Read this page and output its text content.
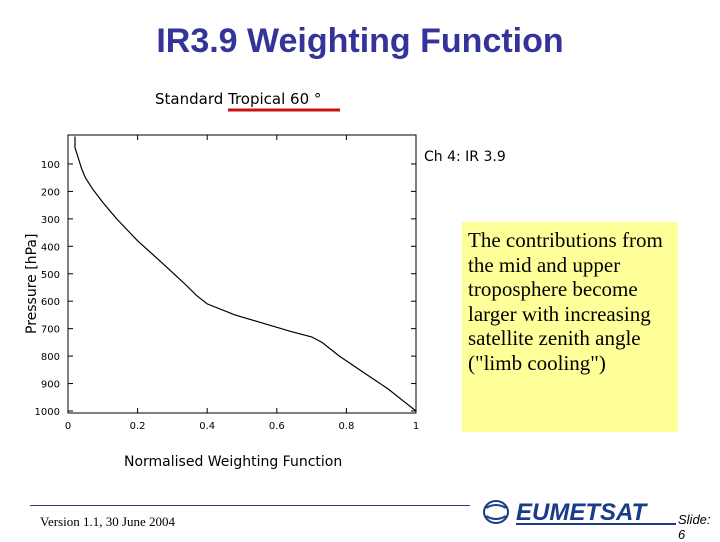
IR3.9 Weighting Function
Standard Tropical 60 °
Ch 4: IR 3.9
100
200
300
400
500
600
700
800
900
1000
0	0.2	0.4	0.6	0.8	1
Pressure [hPa]
Normalised Weighting Function
The contributions from the mid and upper troposphere become larger with increasing satellite zenith angle ("limb cooling")
Version 1.1, 30 June 2004	EUMETSAT Slide: 6
